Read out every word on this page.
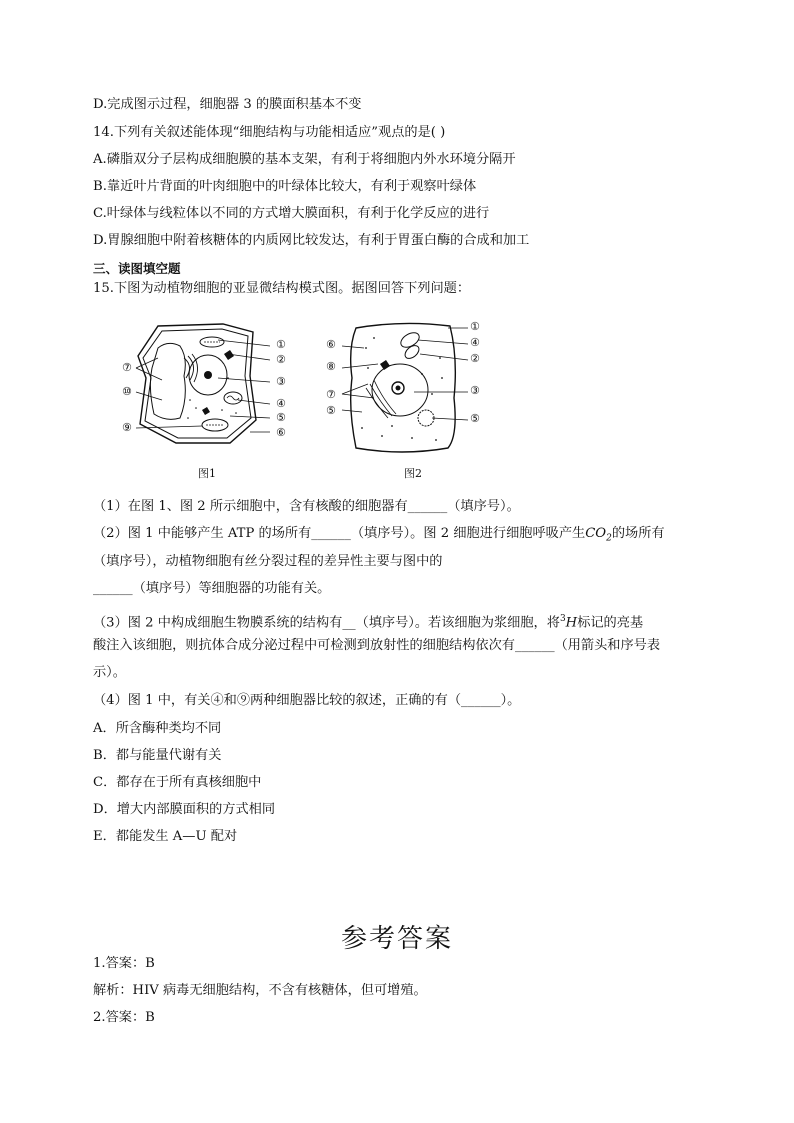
D.完成图示过程，细胞器 3 的膜面积基本不变
14.下列有关叙述能体现“细胞结构与功能相适应”观点的是( )
A.磷脂双分子层构成细胞膜的基本支架，有利于将细胞内外水环境分隔开
B.靠近叶片背面的叶肉细胞中的叶绿体比较大，有利于观察叶绿体
C.叶绿体与线粒体以不同的方式增大膜面积，有利于化学反应的进行
D.胃腺细胞中附着核糖体的内质网比较发达，有利于胃蛋白酶的合成和加工
三、读图填空题
15.下图为动植物细胞的亚显微结构模式图。据图回答下列问题：
①
②
③
④
⑤
⑥
⑦
⑩
⑨
图1
①
④
②
③
⑤
⑥
⑧
⑦
⑤
图2
（1）在图 1、图 2 所示细胞中，含有核酸的细胞器有______（填序号）。
（2）图 1 中能够产生 ATP 的场所有______（填序号）。图 2 细胞进行细胞呼吸产生$CO_2$的场所有
（填序号），动植物细胞有丝分裂过程的差异性主要与图中的
______（填序号）等细胞器的功能有关。
（3）图 2 中构成细胞生物膜系统的结构有__（填序号）。若该细胞为浆细胞，将$^3$H标记的亮基
酸注入该细胞，则抗体合成分泌过程中可检测到放射性的细胞结构依次有______（用箭头和序号表
示）。
（4）图 1 中，有关④和⑨两种细胞器比较的叙述，正确的有（______）。
A．所含酶种类均不同
B．都与能量代谢有关
C．都存在于所有真核细胞中
D．增大内部膜面积的方式相同
E．都能发生 A—U 配对
参考答案
1.答案：B
解析：HIV 病毒无细胞结构，不含有核糖体，但可增殖。
2.答案：B
